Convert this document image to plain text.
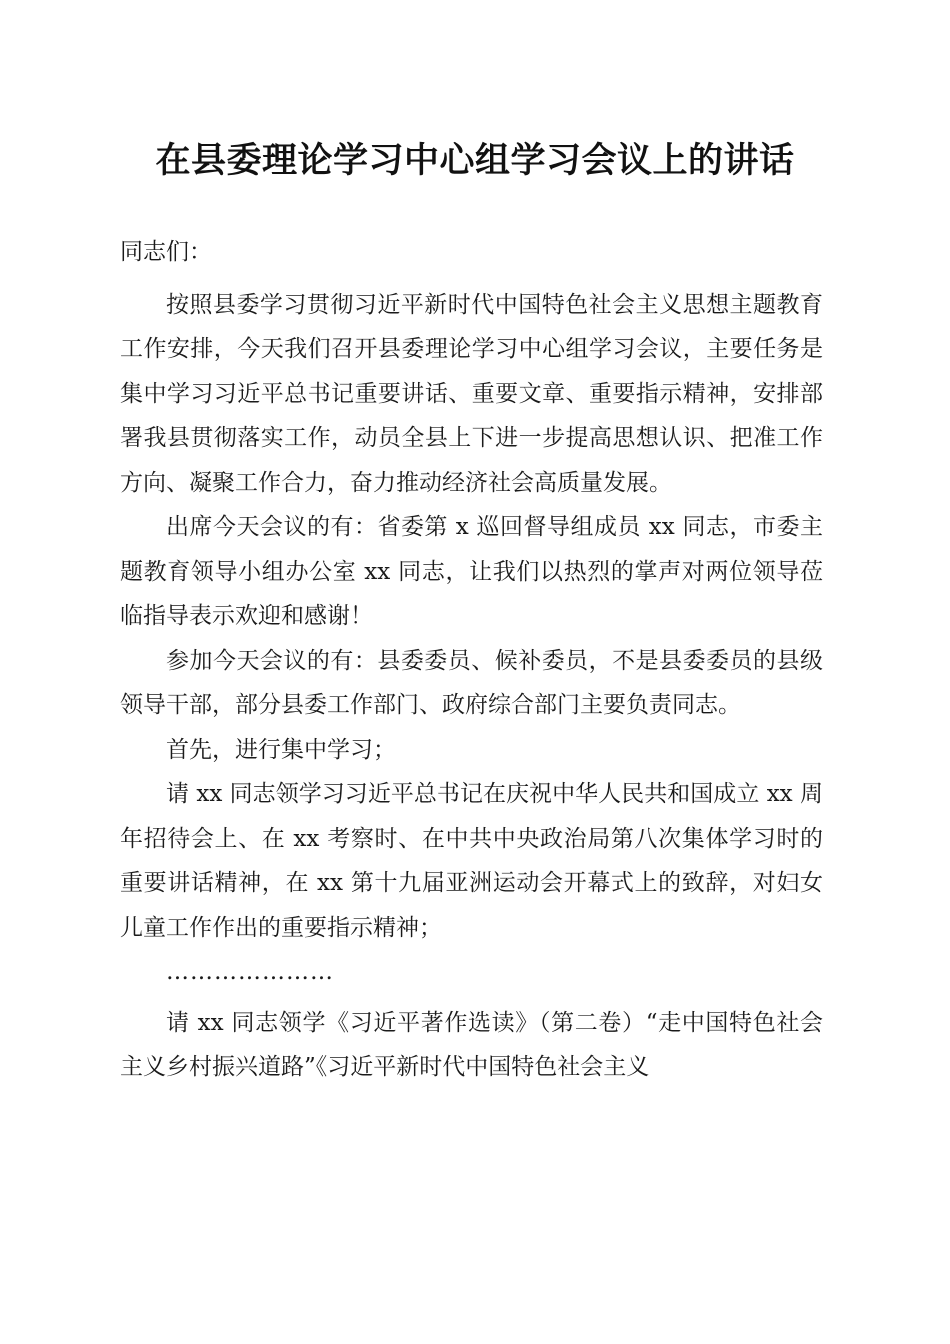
在县委理论学习中心组学习会议上的讲话

同志们：

按照县委学习贯彻习近平新时代中国特色社会主义思想主题教育工作安排，今天我们召开县委理论学习中心组学习会议，主要任务是集中学习习近平总书记重要讲话、重要文章、重要指示精神，安排部署我县贯彻落实工作，动员全县上下进一步提高思想认识、把准工作方向、凝聚工作合力，奋力推动经济社会高质量发展。

出席今天会议的有：省委第 x 巡回督导组成员 xx 同志，市委主题教育领导小组办公室 xx 同志，让我们以热烈的掌声对两位领导莅临指导表示欢迎和感谢！

参加今天会议的有：县委委员、候补委员，不是县委委员的县级领导干部，部分县委工作部门、政府综合部门主要负责同志。

首先，进行集中学习；

请 xx 同志领学习习近平总书记在庆祝中华人民共和国成立 xx 周年招待会上、在 xx 考察时、在中共中央政治局第八次集体学习时的重要讲话精神，在 xx 第十九届亚洲运动会开幕式上的致辞，对妇女儿童工作作出的重要指示精神；

…………………

请 xx 同志领学《习近平著作选读》（第二卷）“走中国特色社会主义乡村振兴道路”《习近平新时代中国特色社会主义
